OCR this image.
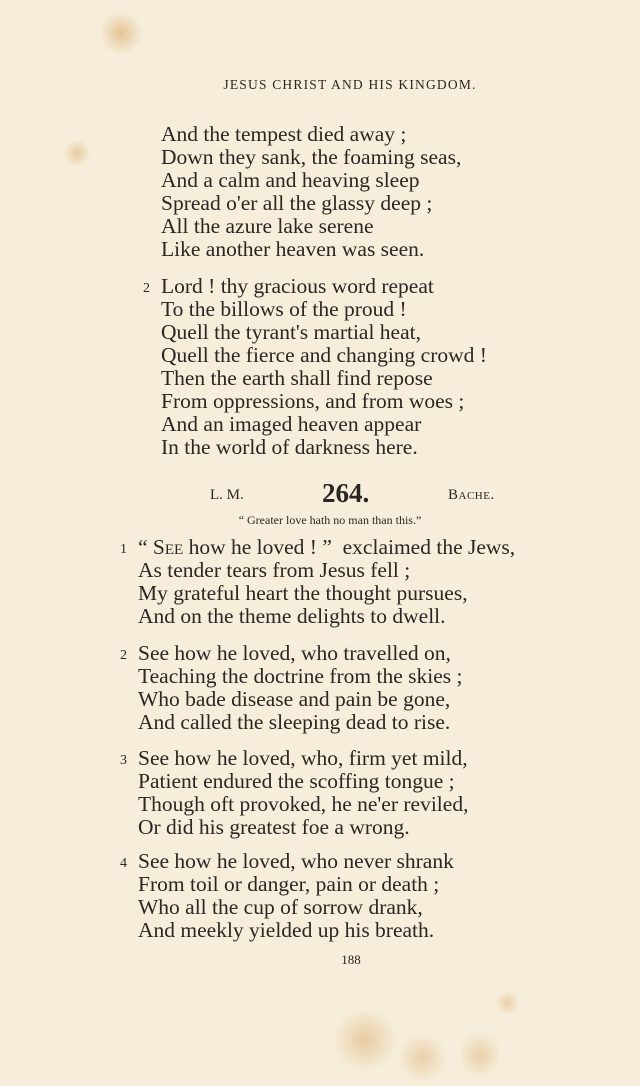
JESUS CHRIST AND HIS KINGDOM.
And the tempest died away ;
Down they sank, the foaming seas,
And a calm and heaving sleep
Spread o'er all the glassy deep ;
All the azure lake serene
Like another heaven was seen.
2 Lord ! thy gracious word repeat
To the billows of the proud !
Quell the tyrant's martial heat,
Quell the fierce and changing crowd !
Then the earth shall find repose
From oppressions, and from woes ;
And an imaged heaven appear
In the world of darkness here.
L. M.	264.	Bache.
“ Greater love hath no man than this.”
1 “ See how he loved ! ”  exclaimed the Jews,
As tender tears from Jesus fell ;
My grateful heart the thought pursues,
And on the theme delights to dwell.
2 See how he loved, who travelled on,
Teaching the doctrine from the skies ;
Who bade disease and pain be gone,
And called the sleeping dead to rise.
3 See how he loved, who, firm yet mild,
Patient endured the scoffing tongue ;
Though oft provoked, he ne'er reviled,
Or did his greatest foe a wrong.
4 See how he loved, who never shrank
From toil or danger, pain or death ;
Who all the cup of sorrow drank,
And meekly yielded up his breath.
188
